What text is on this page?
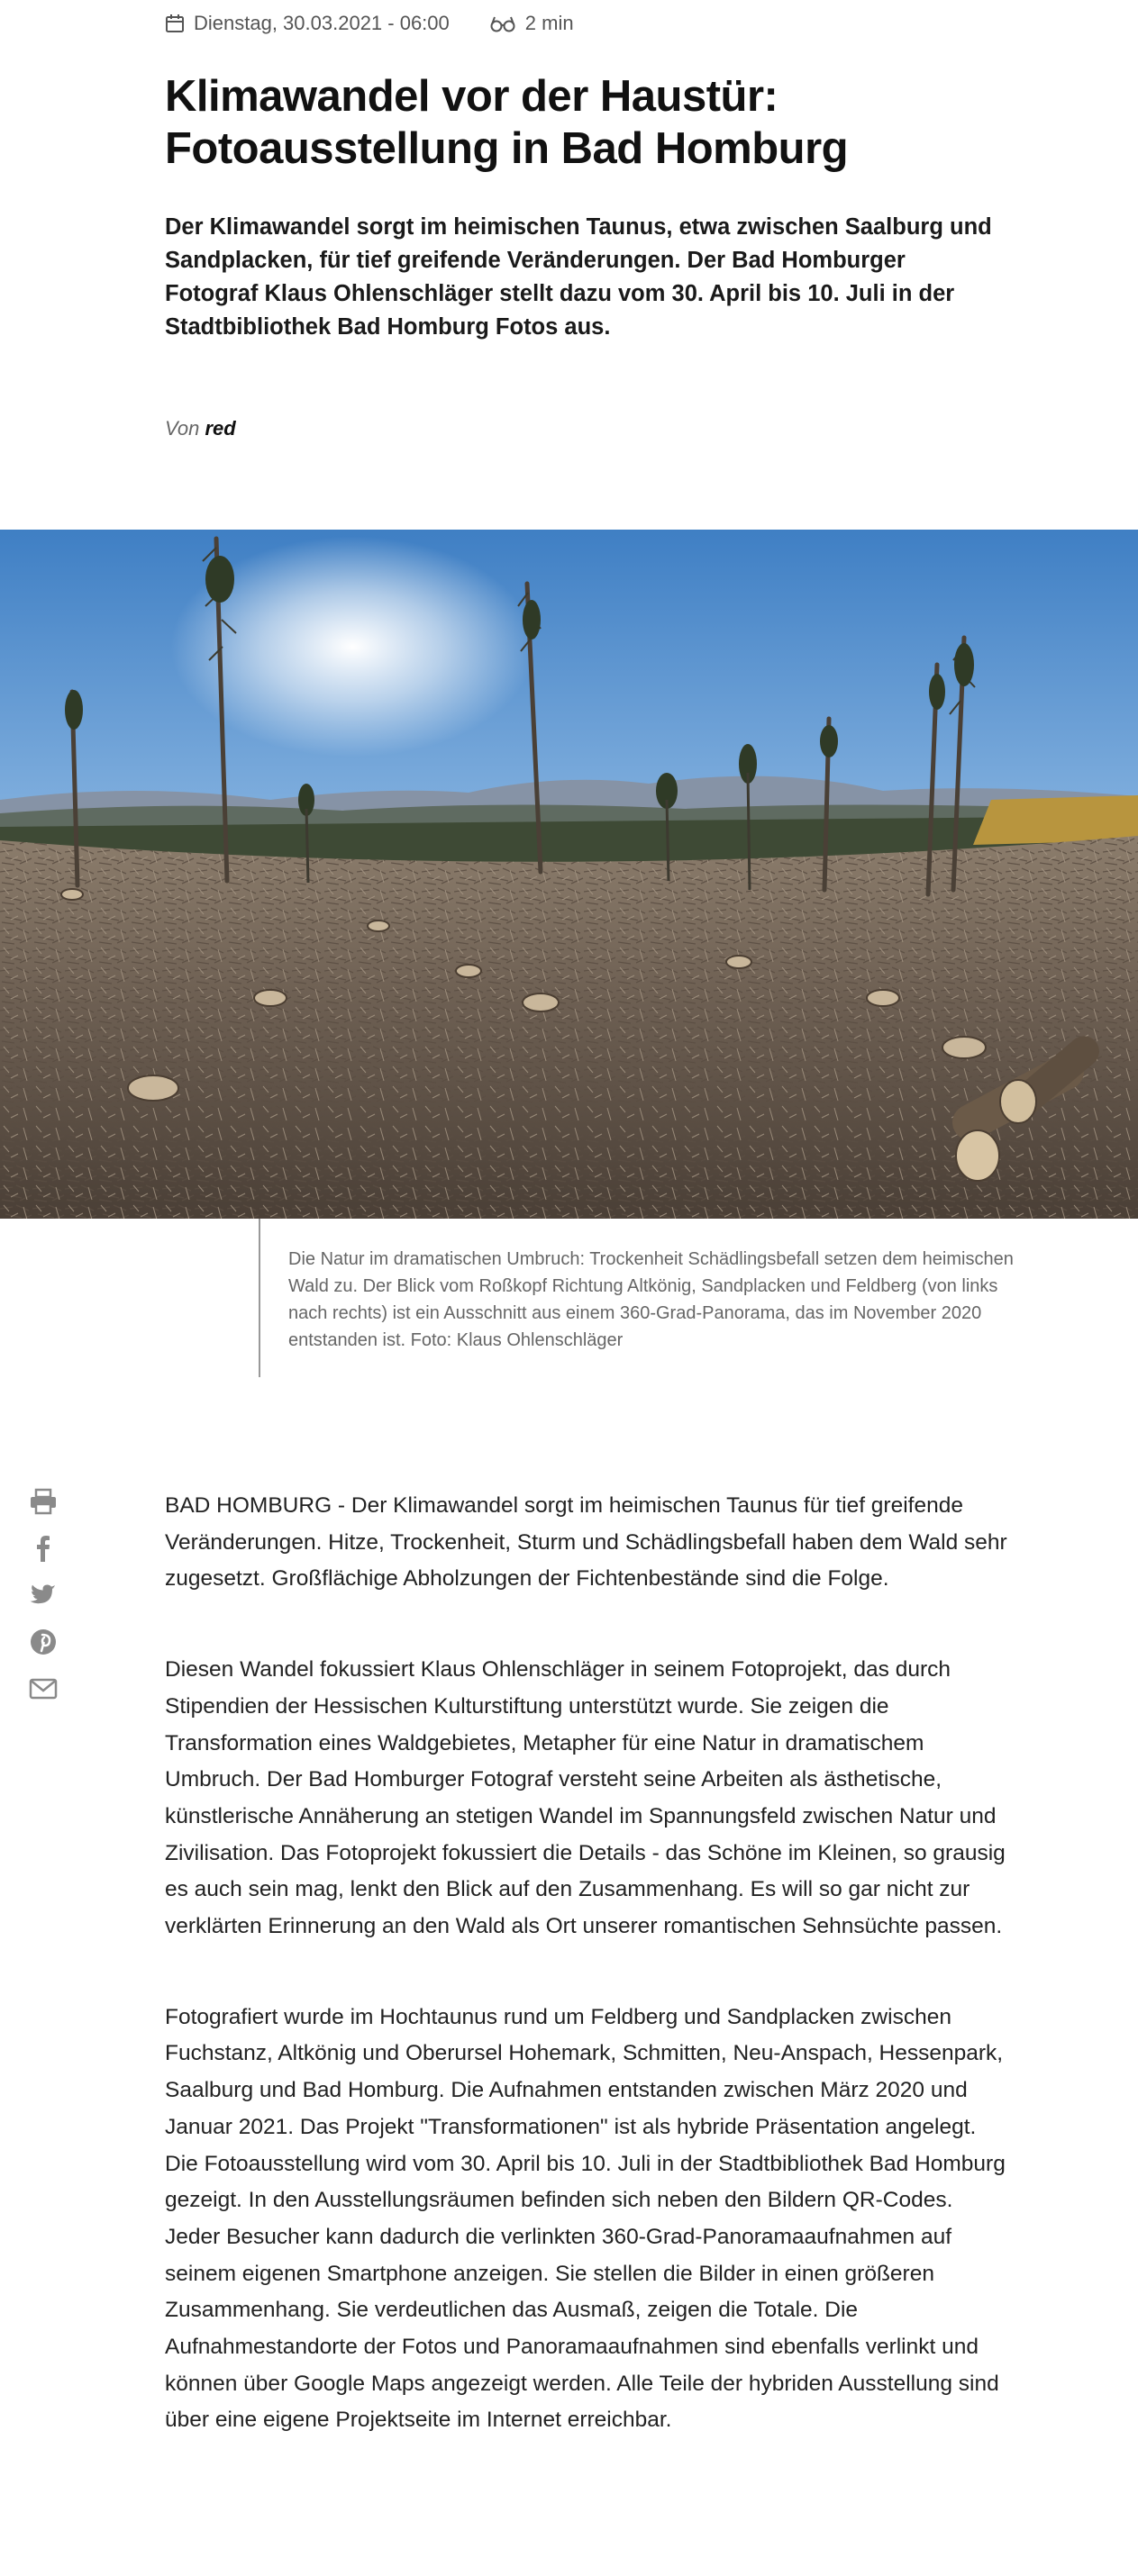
Dienstag, 30.03.2021 - 06:00	2 min
Klimawandel vor der Haustür:
Fotoausstellung in Bad Homburg

Der Klimawandel sorgt im heimischen Taunus, etwa zwischen Saalburg und Sandplacken, für tief greifende Veränderungen. Der Bad Homburger Fotograf Klaus Ohlenschläger stellt dazu vom 30. April bis 10. Juli in der Stadtbibliothek Bad Homburg Fotos aus.

Von red
Die Natur im dramatischen Umbruch: Trockenheit Schädlingsbefall setzen dem heimischen Wald zu. Der Blick vom Roßkopf Richtung Altkönig, Sandplacken und Feldberg (von links nach rechts) ist ein Ausschnitt aus einem 360-Grad-Panorama, das im November 2020 entstanden ist. Foto: Klaus Ohlenschläger

BAD HOMBURG - Der Klimawandel sorgt im heimischen Taunus für tief greifende Veränderungen. Hitze, Trockenheit, Sturm und Schädlingsbefall haben dem Wald sehr zugesetzt. Großflächige Abholzungen der Fichtenbestände sind die Folge.

Diesen Wandel fokussiert Klaus Ohlenschläger in seinem Fotoprojekt, das durch Stipendien der Hessischen Kulturstiftung unterstützt wurde. Sie zeigen die Transformation eines Waldgebietes, Metapher für eine Natur in dramatischem Umbruch. Der Bad Homburger Fotograf versteht seine Arbeiten als ästhetische, künstlerische Annäherung an stetigen Wandel im Spannungsfeld zwischen Natur und Zivilisation. Das Fotoprojekt fokussiert die Details - das Schöne im Kleinen, so grausig es auch sein mag, lenkt den Blick auf den Zusammenhang. Es will so gar nicht zur verklärten Erinnerung an den Wald als Ort unserer romantischen Sehnsüchte passen.

Fotografiert wurde im Hochtaunus rund um Feldberg und Sandplacken zwischen Fuchstanz, Altkönig und Oberursel Hohemark, Schmitten, Neu-Anspach, Hessenpark, Saalburg und Bad Homburg. Die Aufnahmen entstanden zwischen März 2020 und Januar 2021. Das Projekt "Transformationen" ist als hybride Präsentation angelegt. Die Fotoausstellung wird vom 30. April bis 10. Juli in der Stadtbibliothek Bad Homburg gezeigt. In den Ausstellungsräumen befinden sich neben den Bildern QR-Codes. Jeder Besucher kann dadurch die verlinkten 360-Grad-Panoramaaufnahmen auf seinem eigenen Smartphone anzeigen. Sie stellen die Bilder in einen größeren Zusammenhang. Sie verdeutlichen das Ausmaß, zeigen die Totale. Die Aufnahmestandorte der Fotos und Panoramaaufnahmen sind ebenfalls verlinkt und können über Google Maps angezeigt werden. Alle Teile der hybriden Ausstellung sind über eine eigene Projektseite im Internet erreichbar.
